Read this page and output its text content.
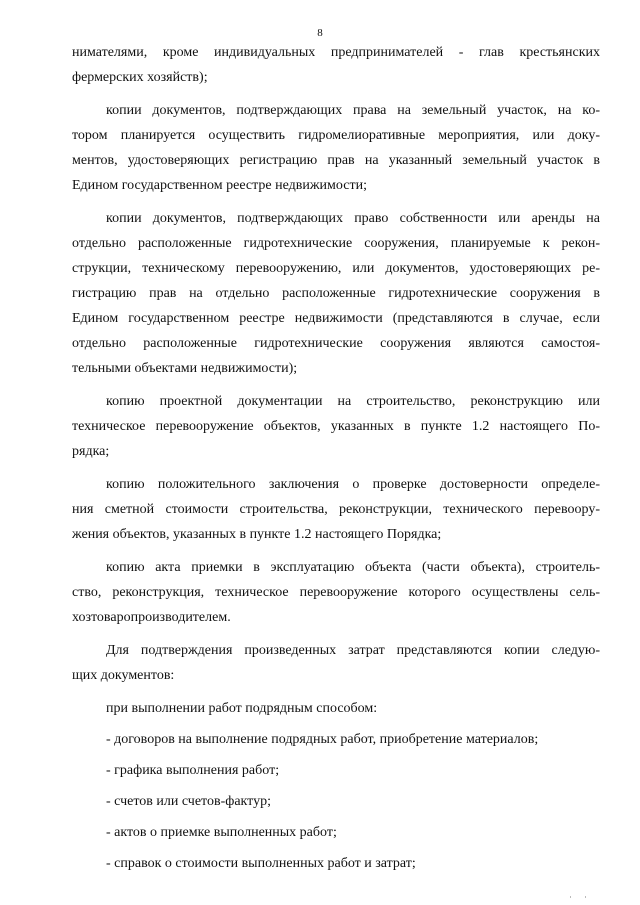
8
нимателями, кроме индивидуальных предпринимателей - глав крестьянских
фермерских хозяйств);
копии документов, подтверждающих права на земельный участок, на ко-
тором планируется осуществить гидромелиоративные мероприятия, или доку-
ментов, удостоверяющих регистрацию прав на указанный земельный участок в
Едином государственном реестре недвижимости;
копии документов, подтверждающих право собственности или аренды на
отдельно расположенные гидротехнические сооружения, планируемые к рекон-
струкции, техническому перевооружению, или документов, удостоверяющих ре-
гистрацию прав на отдельно расположенные гидротехнические сооружения в
Едином государственном реестре недвижимости (представляются в случае, если
отдельно расположенные гидротехнические сооружения являются самостоя-
тельными объектами недвижимости);
копию проектной документации на строительство, реконструкцию или
техническое перевооружение объектов, указанных в пункте 1.2 настоящего По-
рядка;
копию положительного заключения о проверке достоверности определе-
ния сметной стоимости строительства, реконструкции, технического перевоору-
жения объектов, указанных в пункте 1.2 настоящего Порядка;
копию акта приемки в эксплуатацию объекта (части объекта), строитель-
ство, реконструкция, техническое перевооружение которого осуществлены сель-
хозтоваропроизводителем.
Для подтверждения произведенных затрат представляются копии следую-
щих документов:
при выполнении работ подрядным способом:
- договоров на выполнение подрядных работ, приобретение материалов;
- графика выполнения работ;
- счетов или счетов-фактур;
- актов о приемке выполненных работ;
- справок о стоимости выполненных работ и затрат;
